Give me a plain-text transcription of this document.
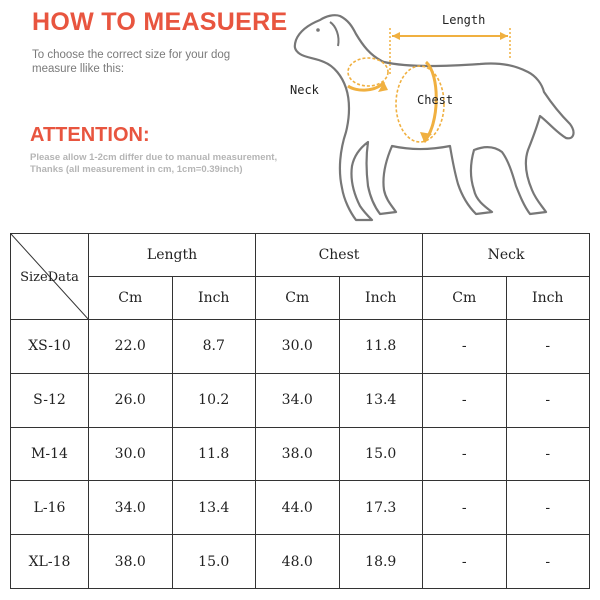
HOW TO MEASUERE
To choose the correct size for your dog
measure llike this:
ATTENTION:
Please allow 1-2cm differ due to manual measurement,
Thanks (all measurement in cm, 1cm=0.39inch)
Length
Neck
Chest
SizeData	Length		Chest		Neck	
	Cm	Inch	Cm	Inch	Cm	Inch
XS-10	22.0	8.7	30.0	11.8	-	-
S-12	26.0	10.2	34.0	13.4	-	-
M-14	30.0	11.8	38.0	15.0	-	-
L-16	34.0	13.4	44.0	17.3	-	-
XL-18	38.0	15.0	48.0	18.9	-	-
